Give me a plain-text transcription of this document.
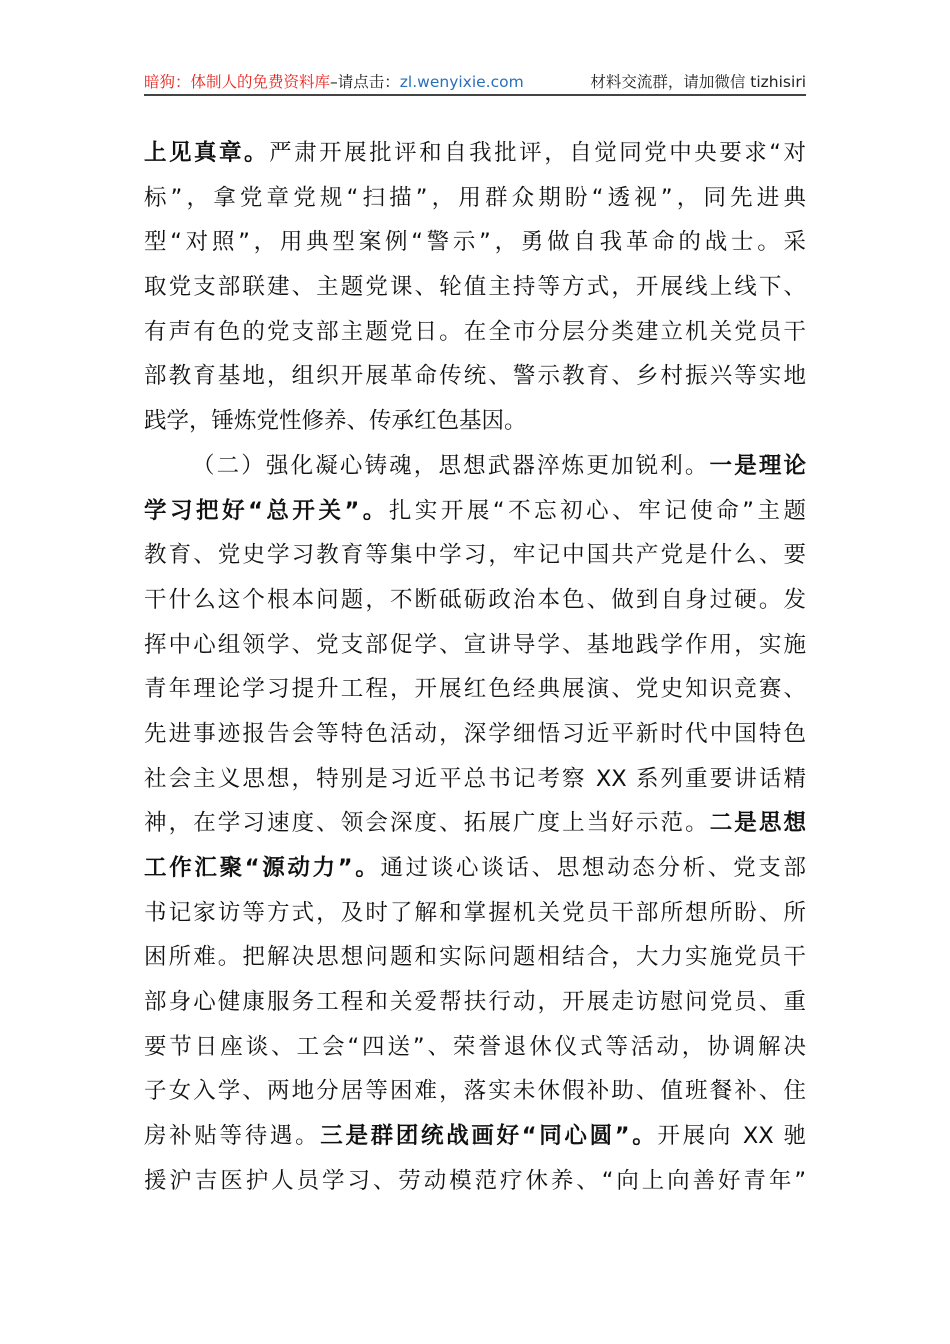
暗狗：体制人的免费资料库–请点击：zl.wenyixie.com	材料交流群，请加微信 tizhisiri
上见真章。严肃开展批评和自我批评，自觉同党中央要求“对
标”，拿党章党规“扫描”，用群众期盼“透视”，同先进典
型“对照”，用典型案例“警示”，勇做自我革命的战士。采
取党支部联建、主题党课、轮值主持等方式，开展线上线下、
有声有色的党支部主题党日。在全市分层分类建立机关党员干
部教育基地，组织开展革命传统、警示教育、乡村振兴等实地
践学，锤炼党性修养、传承红色基因。
（二）强化凝心铸魂，思想武器淬炼更加锐利。一是理论
学习把好“总开关”。扎实开展“不忘初心、牢记使命”主题
教育、党史学习教育等集中学习，牢记中国共产党是什么、要
干什么这个根本问题，不断砥砺政治本色、做到自身过硬。发
挥中心组领学、党支部促学、宣讲导学、基地践学作用，实施
青年理论学习提升工程，开展红色经典展演、党史知识竞赛、
先进事迹报告会等特色活动，深学细悟习近平新时代中国特色
社会主义思想，特别是习近平总书记考察 XX 系列重要讲话精
神，在学习速度、领会深度、拓展广度上当好示范。二是思想
工作汇聚“源动力”。通过谈心谈话、思想动态分析、党支部
书记家访等方式，及时了解和掌握机关党员干部所想所盼、所
困所难。把解决思想问题和实际问题相结合，大力实施党员干
部身心健康服务工程和关爱帮扶行动，开展走访慰问党员、重
要节日座谈、工会“四送”、荣誉退休仪式等活动，协调解决
子女入学、两地分居等困难，落实未休假补助、值班餐补、住
房补贴等待遇。三是群团统战画好“同心圆”。开展向 XX 驰
援沪吉医护人员学习、劳动模范疗休养、“向上向善好青年”
